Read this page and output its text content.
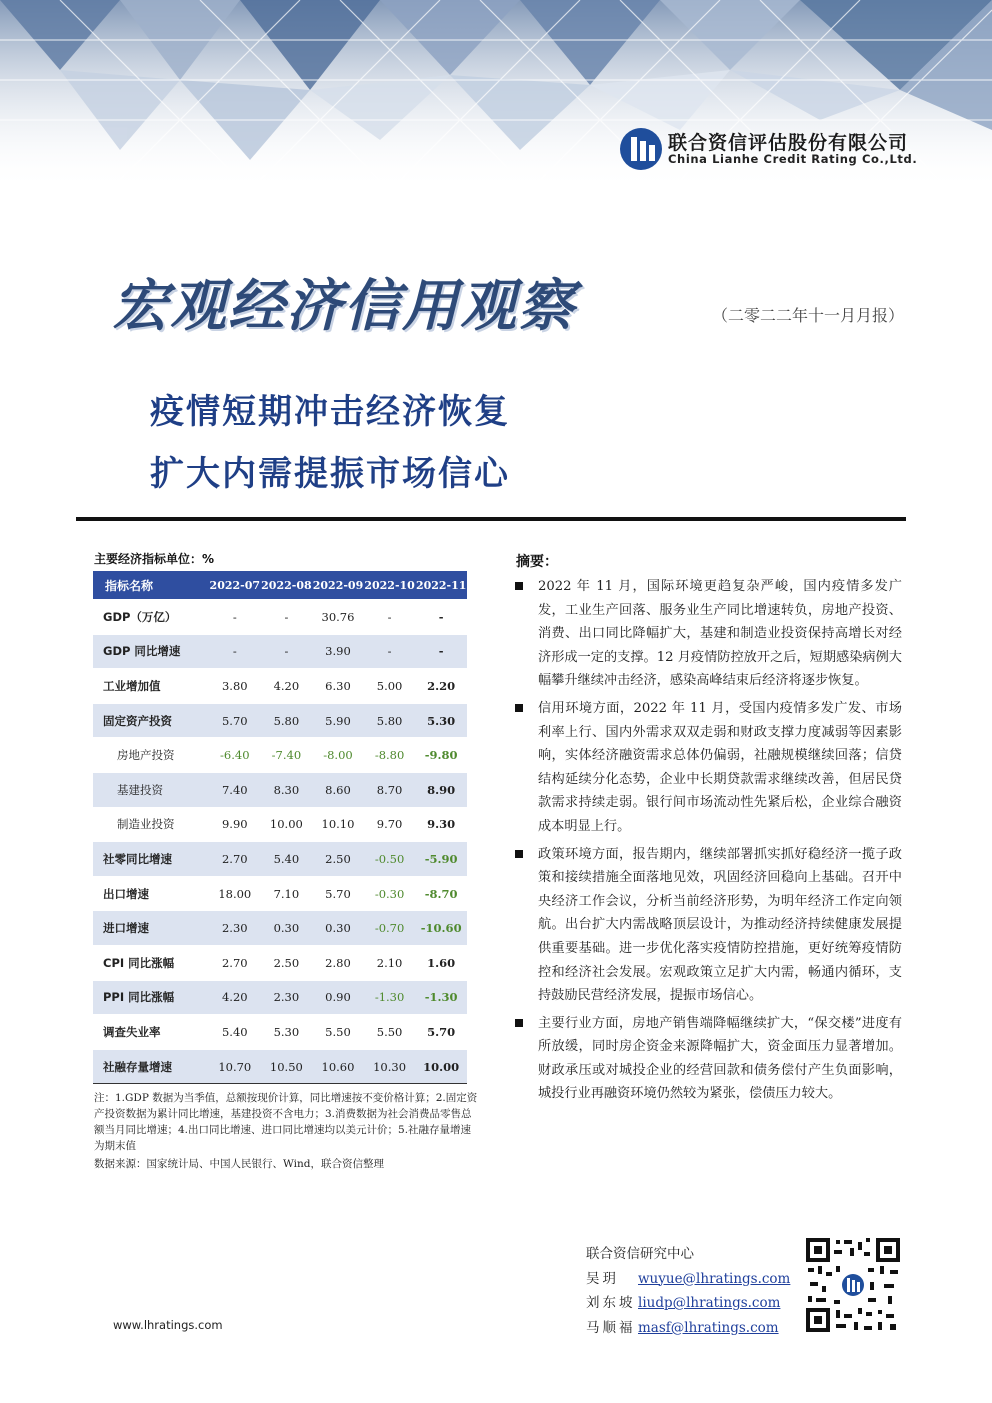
联合资信评估股份有限公司
China Lianhe Credit Rating Co.,Ltd.
宏观经济信用观察	（二零二二年十一月月报）
疫情短期冲击经济恢复
扩大内需提振市场信心
主要经济指标单位：%
指标名称	2022-07	2022-08	2022-09	2022-10	2022-11
GDP（万亿）	-	-	30.76	-	-
GDP 同比增速	-	-	3.90	-	-
工业增加值	3.80	4.20	6.30	5.00	2.20
固定资产投资	5.70	5.80	5.90	5.80	5.30
房地产投资	-6.40	-7.40	-8.00	-8.80	-9.80
基建投资	7.40	8.30	8.60	8.70	8.90
制造业投资	9.90	10.00	10.10	9.70	9.30
社零同比增速	2.70	5.40	2.50	-0.50	-5.90
出口增速	18.00	7.10	5.70	-0.30	-8.70
进口增速	2.30	0.30	0.30	-0.70	-10.60
CPI 同比涨幅	2.70	2.50	2.80	2.10	1.60
PPI 同比涨幅	4.20	2.30	0.90	-1.30	-1.30
调查失业率	5.40	5.30	5.50	5.50	5.70
社融存量增速	10.70	10.50	10.60	10.30	10.00

注：1.GDP 数据为当季值，总额按现价计算，同比增速按不变价格计算；2.固定资产投资数据为累计同比增速，基建投资不含电力；3.消费数据为社会消费品零售总额当月同比增速；4.出口同比增速、进口同比增速均以美元计价；5.社融存量增速为期末值

数据来源：国家统计局、中国人民银行、Wind，联合资信整理

摘要：
2022 年 11 月，国际环境更趋复杂严峻，国内疫情多发广发，工业生产回落、服务业生产同比增速转负，房地产投资、消费、出口同比降幅扩大，基建和制造业投资保持高增长对经济形成一定的支撑。12 月疫情防控放开之后，短期感染病例大幅攀升继续冲击经济，感染高峰结束后经济将逐步恢复。
信用环境方面，2022 年 11 月，受国内疫情多发广发、市场利率上行、国内外需求双双走弱和财政支撑力度减弱等因素影响，实体经济融资需求总体仍偏弱，社融规模继续回落；信贷结构延续分化态势，企业中长期贷款需求继续改善，但居民贷款需求持续走弱。银行间市场流动性先紧后松，企业综合融资成本明显上行。
政策环境方面，报告期内，继续部署抓实抓好稳经济一揽子政策和接续措施全面落地见效，巩固经济回稳向上基础。召开中央经济工作会议，分析当前经济形势，为明年经济工作定向领航。出台扩大内需战略顶层设计，为推动经济持续健康发展提供重要基础。进一步优化落实疫情防控措施，更好统筹疫情防控和经济社会发展。宏观政策立足扩大内需，畅通内循环，支持鼓励民营经济发展，提振市场信心。
主要行业方面，房地产销售端降幅继续扩大，“保交楼”进度有所放缓，同时房企资金来源降幅扩大，资金面压力显著增加。财政承压或对城投企业的经营回款和债务偿付产生负面影响，城投行业再融资环境仍然较为紧张，偿债压力较大。
联合资信研究中心
吴玥 wuyue@lhratings.com
刘东坡 liudp@lhratings.com
马顺福 masf@lhratings.com
www.lhratings.com
